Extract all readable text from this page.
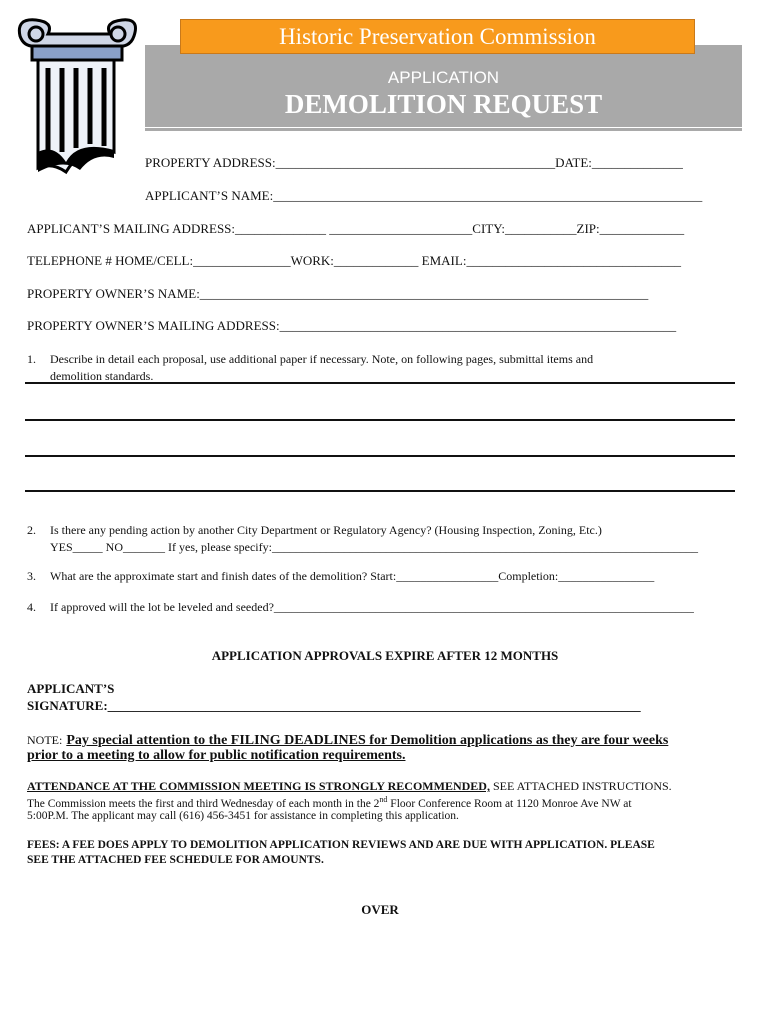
Historic Preservation Commission
APPLICATION
DEMOLITION REQUEST
PROPERTY ADDRESS:___________________________________________DATE:______________
APPLICANT’S NAME:__________________________________________________________________
APPLICANT’S MAILING ADDRESS:______________ ______________________CITY:___________ZIP:_____________
TELEPHONE # HOME/CELL:_______________WORK:_____________ EMAIL:_________________________________
PROPERTY OWNER’S NAME:_____________________________________________________________________
PROPERTY OWNER’S MAILING ADDRESS:_____________________________________________________________
1. Describe in detail each proposal, use additional paper if necessary. Note, on following pages, submittal items and
demolition standards.
2. Is there any pending action by another City Department or Regulatory Agency? (Housing Inspection, Zoning, Etc.)
YES_____ NO_______ If yes, please specify:_______________________________________________________________________
3. What are the approximate start and finish dates of the demolition? Start:_________________Completion:________________
4. If approved will the lot be leveled and seeded?______________________________________________________________________
APPLICATION APPROVALS EXPIRE AFTER 12 MONTHS
APPLICANT’S
SIGNATURE:__________________________________________________________________________________
NOTE: Pay special attention to the FILING DEADLINES for Demolition applications as they are four weeks
prior to a meeting to allow for public notification requirements.
ATTENDANCE AT THE COMMISSION MEETING IS STRONGLY RECOMMENDED, SEE ATTACHED INSTRUCTIONS.
The Commission meets the first and third Wednesday of each month in the 2nd Floor Conference Room at 1120 Monroe Ave NW at
5:00P.M. The applicant may call (616) 456-3451 for assistance in completing this application.
FEES: A FEE DOES APPLY TO DEMOLITION APPLICATION REVIEWS AND ARE DUE WITH APPLICATION. PLEASE
SEE THE ATTACHED FEE SCHEDULE FOR AMOUNTS.
OVER
